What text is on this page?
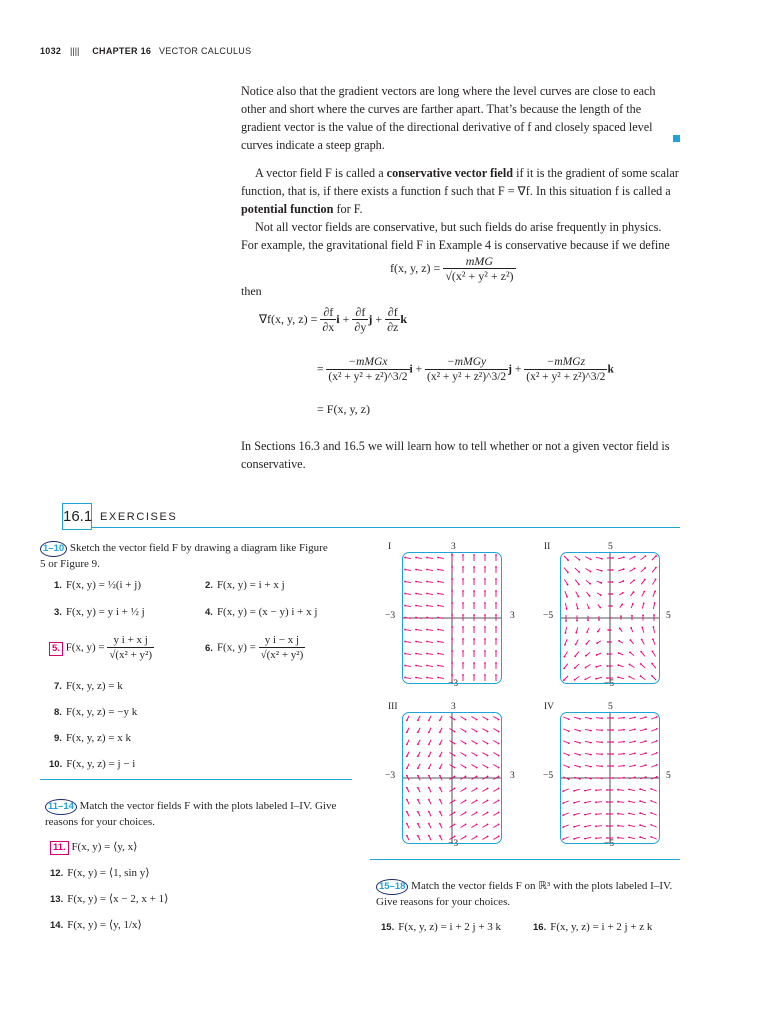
1032 |||| CHAPTER 16 VECTOR CALCULUS

Notice also that the gradient vectors are long where the level curves are close to each other and short where the curves are farther apart. That’s because the length of the gradient vector is the value of the directional derivative of f and closely spaced level curves indicate a steep graph.

A vector field F is called a conservative vector field if it is the gradient of some scalar function, that is, if there exists a function f such that F = ∇f. In this situation f is called a potential function for F.

Not all vector fields are conservative, but such fields do arise frequently in physics. For example, the gravitational field F in Example 4 is conservative because if we define

f(x, y, $z) = \frac{\text{mMG}}{\text{√(x² + y² + z²)}}$
then
∇f(x, y, $z) = \frac{\partial f}{\partial x}$ $i + \frac{\partial f}{\partial y}$ $j + \frac{\partial f}{\partial z}$ k
= $\frac{\text{−mMGx}}{\text{(x² + y² + z²)\textasciicircum{}3/2}}$ $i + \frac{\text{−mMGy}}{\text{(x² + y² + z²)\textasciicircum{}3/2}}$ $j + \frac{\text{−mMGz}}{\text{(x² + y² + z²)\textasciicircum{}3/2}}$ k
= F(x, y, z)

In Sections 16.3 and 16.5 we will learn how to tell whether or not a given vector field is conservative.

16.1 EXERCISES
1–10 Sketch the vector field F by drawing a diagram like Figure 5 or Figure 9.
1. F(x, y) = ½(i + j)	2. F(x, y) = i + x j
3. F(x, y) = y i + ½ j	4. F(x, y) = (x − y) i + x j
5. F(x, $y) = \frac{\text{y i + x j}}{\text{√(x² + y²)}}$	6. F(x, $y) = \frac{\text{y i − x j}}{\text{√(x² + y²)}}$
7. F(x, y, z) = k
8. F(x, y, z) = −y k
9. F(x, y, z) = x k
10. F(x, y, z) = j − i
11–14 Match the vector fields F with the plots labeled I–IV. Give reasons for your choices.
11. F(x, y) = ⟨y, x⟩
12. F(x, y) = ⟨1, sin y⟩
13. F(x, y) = ⟨x − 2, x + 1⟩
14. F(x, y) = ⟨y, 1/x⟩
I	3
−3	3
−3
II	5
−5	5
−5
III	3
−3	3
−3
IV	5
−5	5
−5
15–18 Match the vector fields F on ℝ³ with the plots labeled I–IV. Give reasons for your choices.
15. F(x, y, z) = i + 2 j + 3 k	16. F(x, y, z) = i + 2 j + z k
